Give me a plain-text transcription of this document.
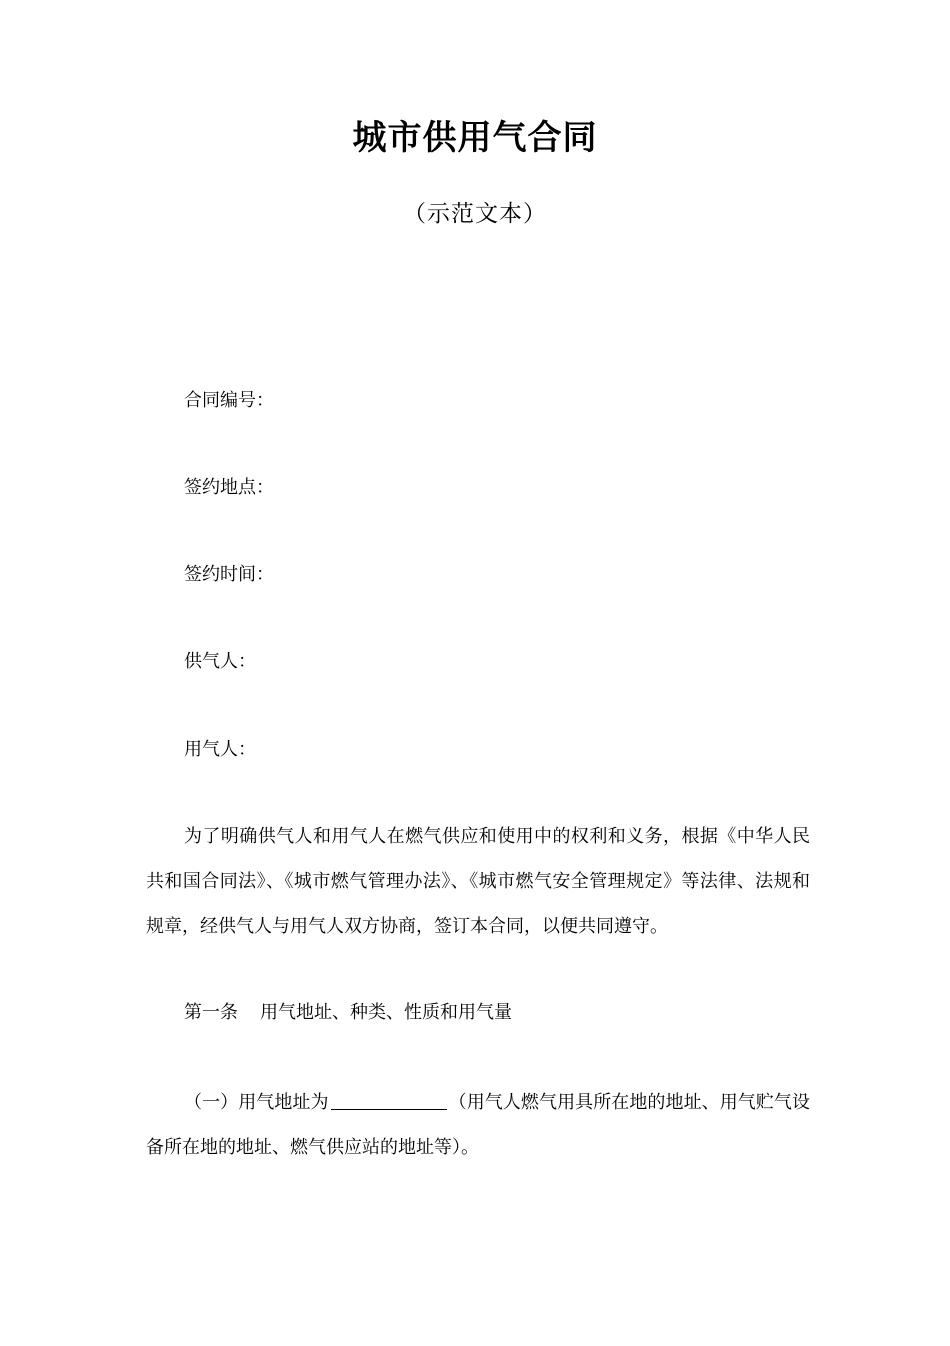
城市供用气合同
（示范文本）
合同编号：
签约地点：
签约时间：
供气人：
用气人：
为了明确供气人和用气人在燃气供应和使用中的权利和义务，根据《中华人民共和国合同法》、《城市燃气管理办法》、《城市燃气安全管理规定》等法律、法规和规章，经供气人与用气人双方协商，签订本合同，以便共同遵守。
第一条 用气地址、种类、性质和用气量
（一）用气地址为	（用气人燃气用具所在地的地址、用气贮气设备所在地的地址、燃气供应站的地址等）。
